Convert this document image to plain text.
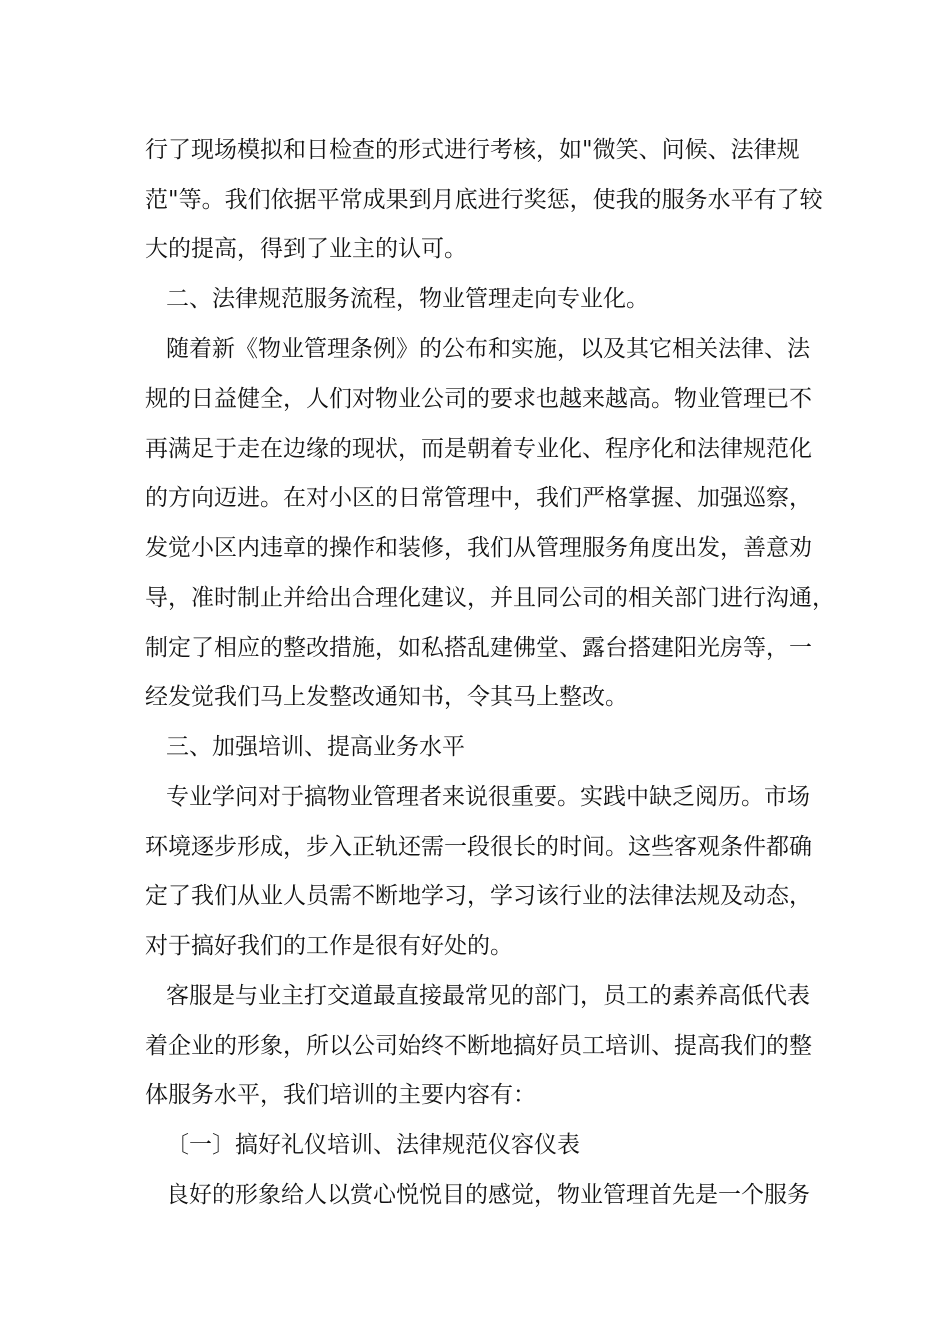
行了现场模拟和日检查的形式进行考核，如"微笑、问候、法律规
范"等。我们依据平常成果到月底进行奖惩，使我的服务水平有了较
大的提高，得到了业主的认可。
二、法律规范服务流程，物业管理走向专业化。
随着新《物业管理条例》的公布和实施，以及其它相关法律、法
规的日益健全，人们对物业公司的要求也越来越高。物业管理已不
再满足于走在边缘的现状，而是朝着专业化、程序化和法律规范化
的方向迈进。在对小区的日常管理中，我们严格掌握、加强巡察，
发觉小区内违章的操作和装修，我们从管理服务角度出发，善意劝
导，准时制止并给出合理化建议，并且同公司的相关部门进行沟通，
制定了相应的整改措施，如私搭乱建佛堂、露台搭建阳光房等，一
经发觉我们马上发整改通知书，令其马上整改。
三、加强培训、提高业务水平
专业学问对于搞物业管理者来说很重要。实践中缺乏阅历。市场
环境逐步形成，步入正轨还需一段很长的时间。这些客观条件都确
定了我们从业人员需不断地学习，学习该行业的法律法规及动态，
对于搞好我们的工作是很有好处的。
客服是与业主打交道最直接最常见的部门，员工的素养高低代表
着企业的形象，所以公司始终不断地搞好员工培训、提高我们的整
体服务水平，我们培训的主要内容有：
〔一〕搞好礼仪培训、法律规范仪容仪表
良好的形象给人以赏心悦悦目的感觉，物业管理首先是一个服务
